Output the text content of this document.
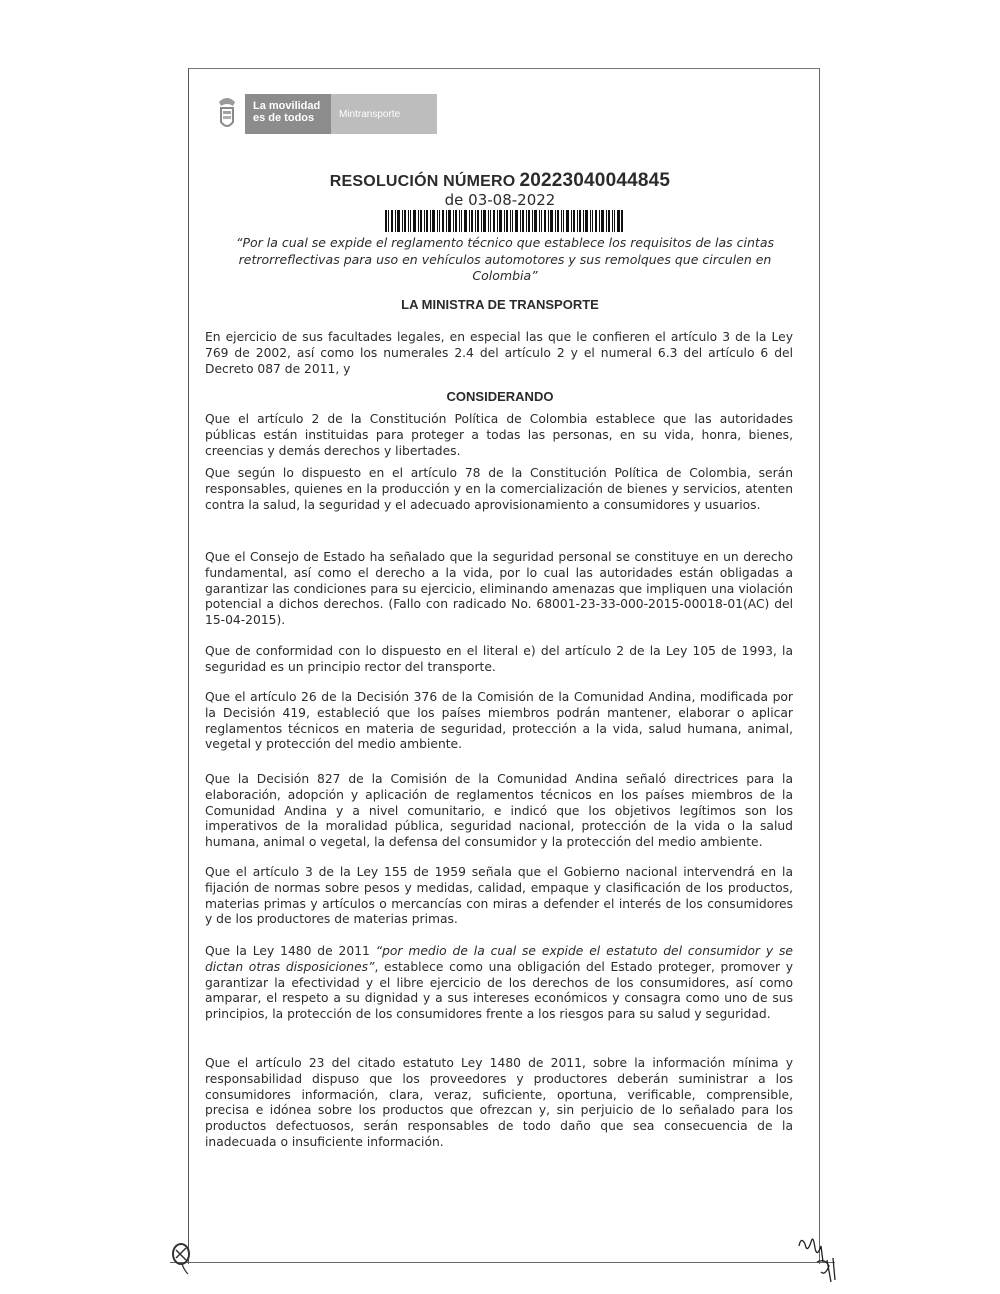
La movilidad
es de todos	Mintransporte
RESOLUCIÓN NÚMERO 20223040044845
de 03-08-2022
“Por la cual se expide el reglamento técnico que establece los requisitos de las cintas retrorreflectivas para uso en vehículos automotores y sus remolques que circulen en Colombia”
LA MINISTRA DE TRANSPORTE
En ejercicio de sus facultades legales, en especial las que le confieren el artículo 3 de la Ley 769 de 2002, así como los numerales 2.4 del artículo 2 y el numeral 6.3 del artículo 6 del Decreto 087 de 2011, y
CONSIDERANDO
Que el artículo 2 de la Constitución Política de Colombia establece que las autoridades públicas están instituidas para proteger a todas las personas, en su vida, honra, bienes, creencias y demás derechos y libertades.
Que según lo dispuesto en el artículo 78 de la Constitución Política de Colombia, serán responsables, quienes en la producción y en la comercialización de bienes y servicios, atenten contra la salud, la seguridad y el adecuado aprovisionamiento a consumidores y usuarios.
Que el Consejo de Estado ha señalado que la seguridad personal se constituye en un derecho fundamental, así como el derecho a la vida, por lo cual las autoridades están obligadas a garantizar las condiciones para su ejercicio, eliminando amenazas que impliquen una violación potencial a dichos derechos. (Fallo con radicado No. 68001-23-33-000-2015-00018-01(AC) del 15-04-2015).
Que de conformidad con lo dispuesto en el literal e) del artículo 2 de la Ley 105 de 1993, la seguridad es un principio rector del transporte.
Que el artículo 26 de la Decisión 376 de la Comisión de la Comunidad Andina, modificada por la Decisión 419, estableció que los países miembros podrán mantener, elaborar o aplicar reglamentos técnicos en materia de seguridad, protección a la vida, salud humana, animal, vegetal y protección del medio ambiente.
Que la Decisión 827 de la Comisión de la Comunidad Andina señaló directrices para la elaboración, adopción y aplicación de reglamentos técnicos en los países miembros de la Comunidad Andina y a nivel comunitario, e indicó que los objetivos legítimos son los imperativos de la moralidad pública, seguridad nacional, protección de la vida o la salud humana, animal o vegetal, la defensa del consumidor y la protección del medio ambiente.
Que el artículo 3 de la Ley 155 de 1959 señala que el Gobierno nacional intervendrá en la fijación de normas sobre pesos y medidas, calidad, empaque y clasificación de los productos, materias primas y artículos o mercancías con miras a defender el interés de los consumidores y de los productores de materias primas.
Que la Ley 1480 de 2011 “por medio de la cual se expide el estatuto del consumidor y se dictan otras disposiciones”, establece como una obligación del Estado proteger, promover y garantizar la efectividad y el libre ejercicio de los derechos de los consumidores, así como amparar, el respeto a su dignidad y a sus intereses económicos y consagra como uno de sus principios, la protección de los consumidores frente a los riesgos para su salud y seguridad.
Que el artículo 23 del citado estatuto Ley 1480 de 2011, sobre la información mínima y responsabilidad dispuso que los proveedores y productores deberán suministrar a los consumidores información, clara, veraz, suficiente, oportuna, verificable, comprensible, precisa e idónea sobre los productos que ofrezcan y, sin perjuicio de lo señalado para los productos defectuosos, serán responsables de todo daño que sea consecuencia de la inadecuada o insuficiente información.
